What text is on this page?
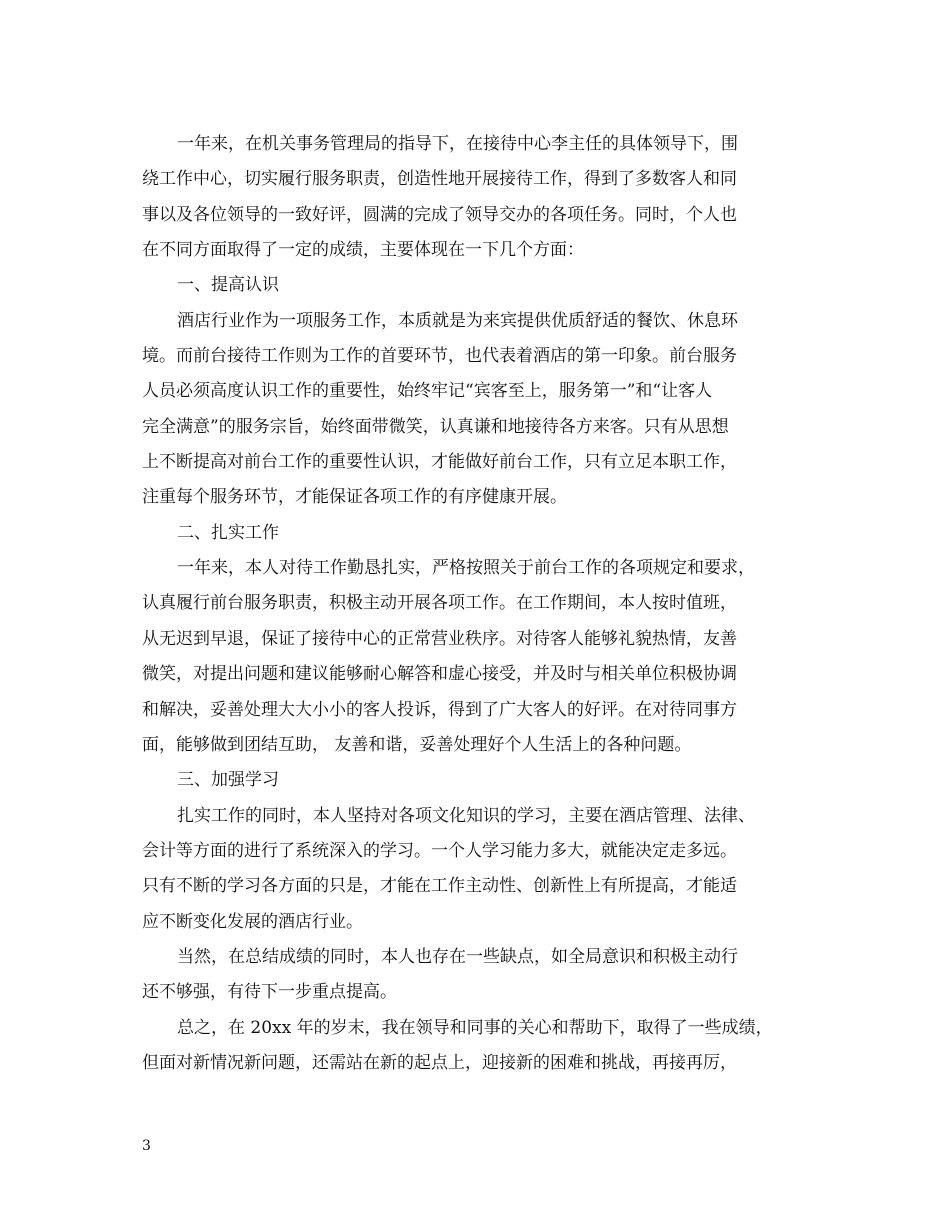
一年来，在机关事务管理局的指导下，在接待中心李主任的具体领导下，围
绕工作中心，切实履行服务职责，创造性地开展接待工作，得到了多数客人和同
事以及各位领导的一致好评，圆满的完成了领导交办的各项任务。同时，个人也
在不同方面取得了一定的成绩，主要体现在一下几个方面：
一、提高认识
酒店行业作为一项服务工作，本质就是为来宾提供优质舒适的餐饮、休息环
境。而前台接待工作则为工作的首要环节，也代表着酒店的第一印象。前台服务
人员必须高度认识工作的重要性，始终牢记“宾客至上，服务第一”和“让客人
完全满意”的服务宗旨，始终面带微笑，认真谦和地接待各方来客。只有从思想
上不断提高对前台工作的重要性认识，才能做好前台工作，只有立足本职工作，
注重每个服务环节，才能保证各项工作的有序健康开展。
二、扎实工作
一年来，本人对待工作勤恳扎实，严格按照关于前台工作的各项规定和要求，
认真履行前台服务职责，积极主动开展各项工作。在工作期间，本人按时值班，
从无迟到早退，保证了接待中心的正常营业秩序。对待客人能够礼貌热情，友善
微笑，对提出问题和建议能够耐心解答和虚心接受，并及时与相关单位积极协调
和解决，妥善处理大大小小的客人投诉，得到了广大客人的好评。在对待同事方
面，能够做到团结互助， 友善和谐，妥善处理好个人生活上的各种问题。
三、加强学习
扎实工作的同时，本人坚持对各项文化知识的学习，主要在酒店管理、法律、
会计等方面的进行了系统深入的学习。一个人学习能力多大，就能决定走多远。
只有不断的学习各方面的只是，才能在工作主动性、创新性上有所提高，才能适
应不断变化发展的酒店行业。
当然，在总结成绩的同时，本人也存在一些缺点，如全局意识和积极主动行
还不够强，有待下一步重点提高。
总之，在 20xx 年的岁末，我在领导和同事的关心和帮助下，取得了一些成绩，
但面对新情况新问题，还需站在新的起点上，迎接新的困难和挑战，再接再厉，
3
